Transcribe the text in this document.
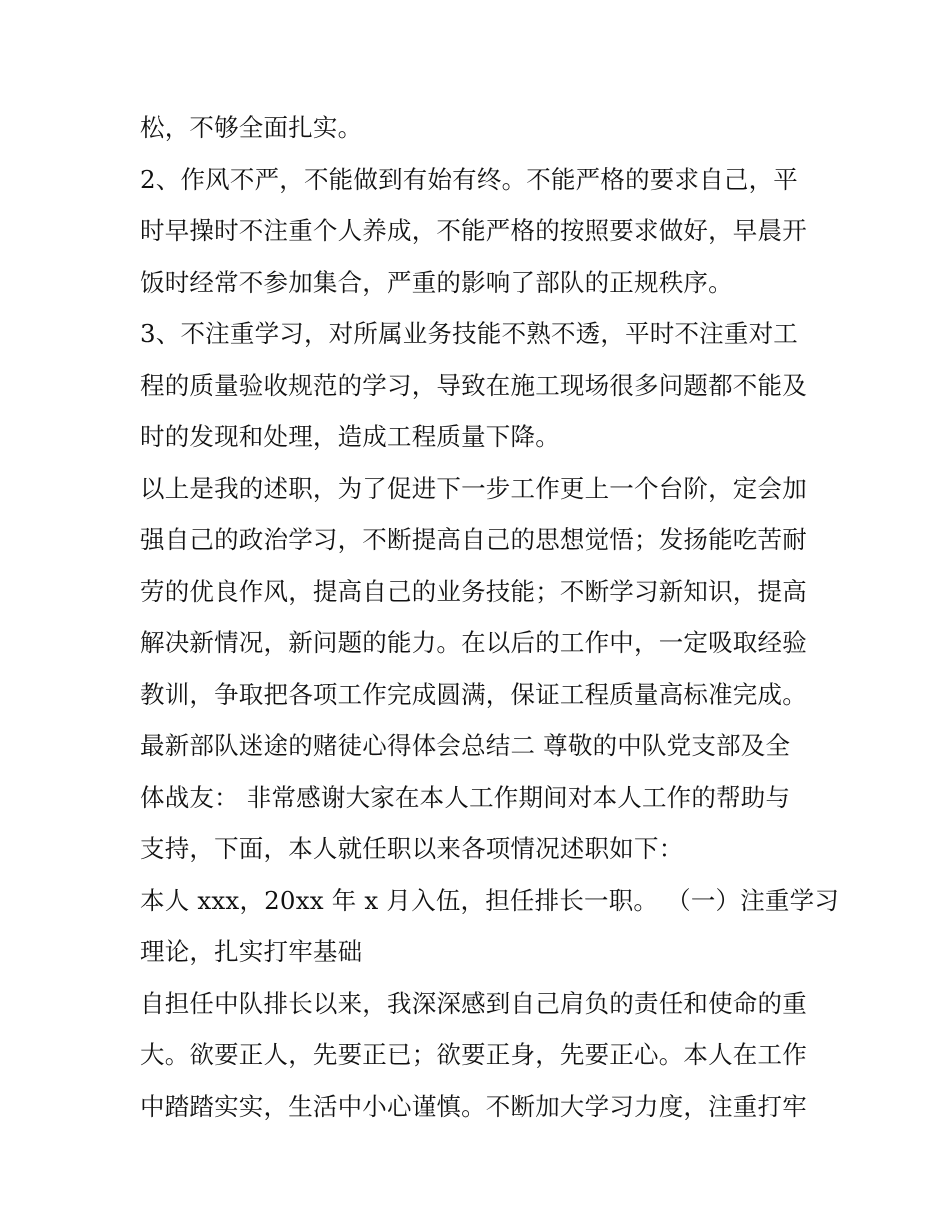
松，不够全面扎实。
2、作风不严，不能做到有始有终。不能严格的要求自己，平
时早操时不注重个人养成，不能严格的按照要求做好，早晨开
饭时经常不参加集合，严重的影响了部队的正规秩序。
3、不注重学习，对所属业务技能不熟不透，平时不注重对工
程的质量验收规范的学习，导致在施工现场很多问题都不能及
时的发现和处理，造成工程质量下降。
以上是我的述职，为了促进下一步工作更上一个台阶，定会加
强自己的政治学习，不断提高自己的思想觉悟；发扬能吃苦耐
劳的优良作风，提高自己的业务技能；不断学习新知识，提高
解决新情况，新问题的能力。在以后的工作中，一定吸取经验
教训，争取把各项工作完成圆满，保证工程质量高标准完成。
最新部队迷途的赌徒心得体会总结二 尊敬的中队党支部及全
体战友： 非常感谢大家在本人工作期间对本人工作的帮助与
支持，下面，本人就任职以来各项情况述职如下：
本人 xxx，20xx 年 x 月入伍，担任排长一职。 （一）注重学习
理论，扎实打牢基础
自担任中队排长以来，我深深感到自己肩负的责任和使命的重
大。欲要正人，先要正已；欲要正身，先要正心。本人在工作
中踏踏实实，生活中小心谨慎。不断加大学习力度，注重打牢
